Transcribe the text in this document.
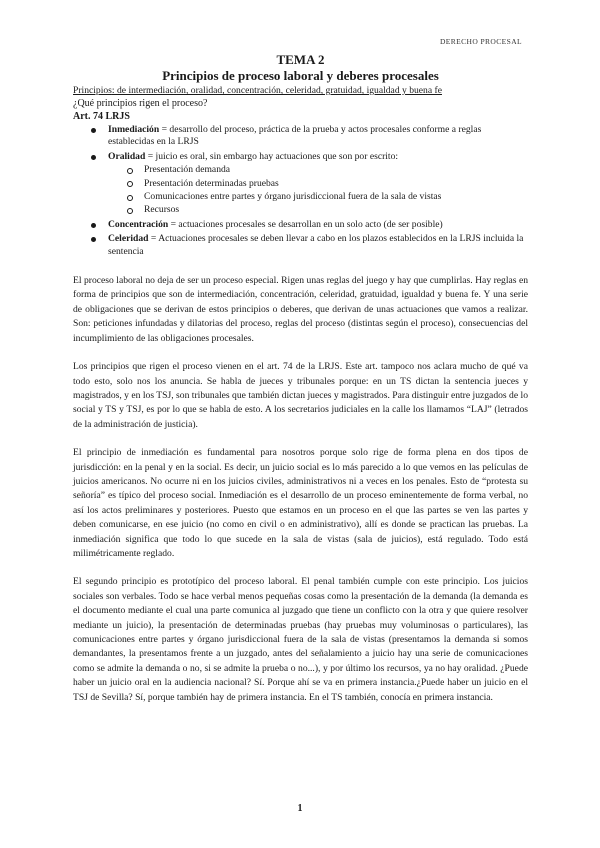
DERECHO PROCESAL
TEMA 2
Principios de proceso laboral y deberes procesales
Principios: de intermediación, oralidad, concentración, celeridad, gratuidad, igualdad y buena fe
¿Qué principios rigen el proceso?
Art. 74 LRJS
Inmediación = desarrollo del proceso, práctica de la prueba y actos procesales conforme a reglas establecidas en la LRJS
Oralidad = juicio es oral, sin embargo hay actuaciones que son por escrito:
Presentación demanda
Presentación determinadas pruebas
Comunicaciones entre partes y órgano jurisdiccional fuera de la sala de vistas
Recursos
Concentración = actuaciones procesales se desarrollan en un solo acto (de ser posible)
Celeridad = Actuaciones procesales se deben llevar a cabo en los plazos establecidos en la LRJS incluida la sentencia

El proceso laboral no deja de ser un proceso especial. Rigen unas reglas del juego y hay que cumplirlas. Hay reglas en forma de principios que son de intermediación, concentración, celeridad, gratuidad, igualdad y buena fe. Y una serie de obligaciones que se derivan de estos principios o deberes, que derivan de unas actuaciones que vamos a realizar. Son: peticiones infundadas y dilatorias del proceso, reglas del proceso (distintas según el proceso), consecuencias del incumplimiento de las obligaciones procesales.

Los principios que rigen el proceso vienen en el art. 74 de la LRJS. Este art. tampoco nos aclara mucho de qué va todo esto, solo nos los anuncia. Se habla de jueces y tribunales porque: en un TS dictan la sentencia jueces y magistrados, y en los TSJ, son tribunales que también dictan jueces y magistrados. Para distinguir entre juzgados de lo social y TS y TSJ, es por lo que se habla de esto. A los secretarios judiciales en la calle los llamamos “LAJ” (letrados de la administración de justicia).

El principio de inmediación es fundamental para nosotros porque solo rige de forma plena en dos tipos de jurisdicción: en la penal y en la social. Es decir, un juicio social es lo más parecido a lo que vemos en las películas de juicios americanos. No ocurre ni en los juicios civiles, administrativos ni a veces en los penales. Esto de “protesta su señoría” es típico del proceso social. Inmediación es el desarrollo de un proceso eminentemente de forma verbal, no así los actos preliminares y posteriores. Puesto que estamos en un proceso en el que las partes se ven las partes y deben comunicarse, en ese juicio (no como en civil o en administrativo), allí es donde se practican las pruebas. La inmediación significa que todo lo que sucede en la sala de vistas (sala de juicios), está regulado. Todo está milimétricamente reglado.

El segundo principio es prototípico del proceso laboral. El penal también cumple con este principio. Los juicios sociales son verbales. Todo se hace verbal menos pequeñas cosas como la presentación de la demanda (la demanda es el documento mediante el cual una parte comunica al juzgado que tiene un conflicto con la otra y que quiere resolver mediante un juicio), la presentación de determinadas pruebas (hay pruebas muy voluminosas o particulares), las comunicaciones entre partes y órgano jurisdiccional fuera de la sala de vistas (presentamos la demanda si somos demandantes, la presentamos frente a un juzgado, antes del señalamiento a juicio hay una serie de comunicaciones como se admite la demanda o no, si se admite la prueba o no...), y por último los recursos, ya no hay oralidad. ¿Puede haber un juicio oral en la audiencia nacional? Sí. Porque ahí se va en primera instancia.¿Puede haber un juicio en el TSJ de Sevilla? Sí, porque también hay de primera instancia. En el TS también, conocía en primera instancia.

1
